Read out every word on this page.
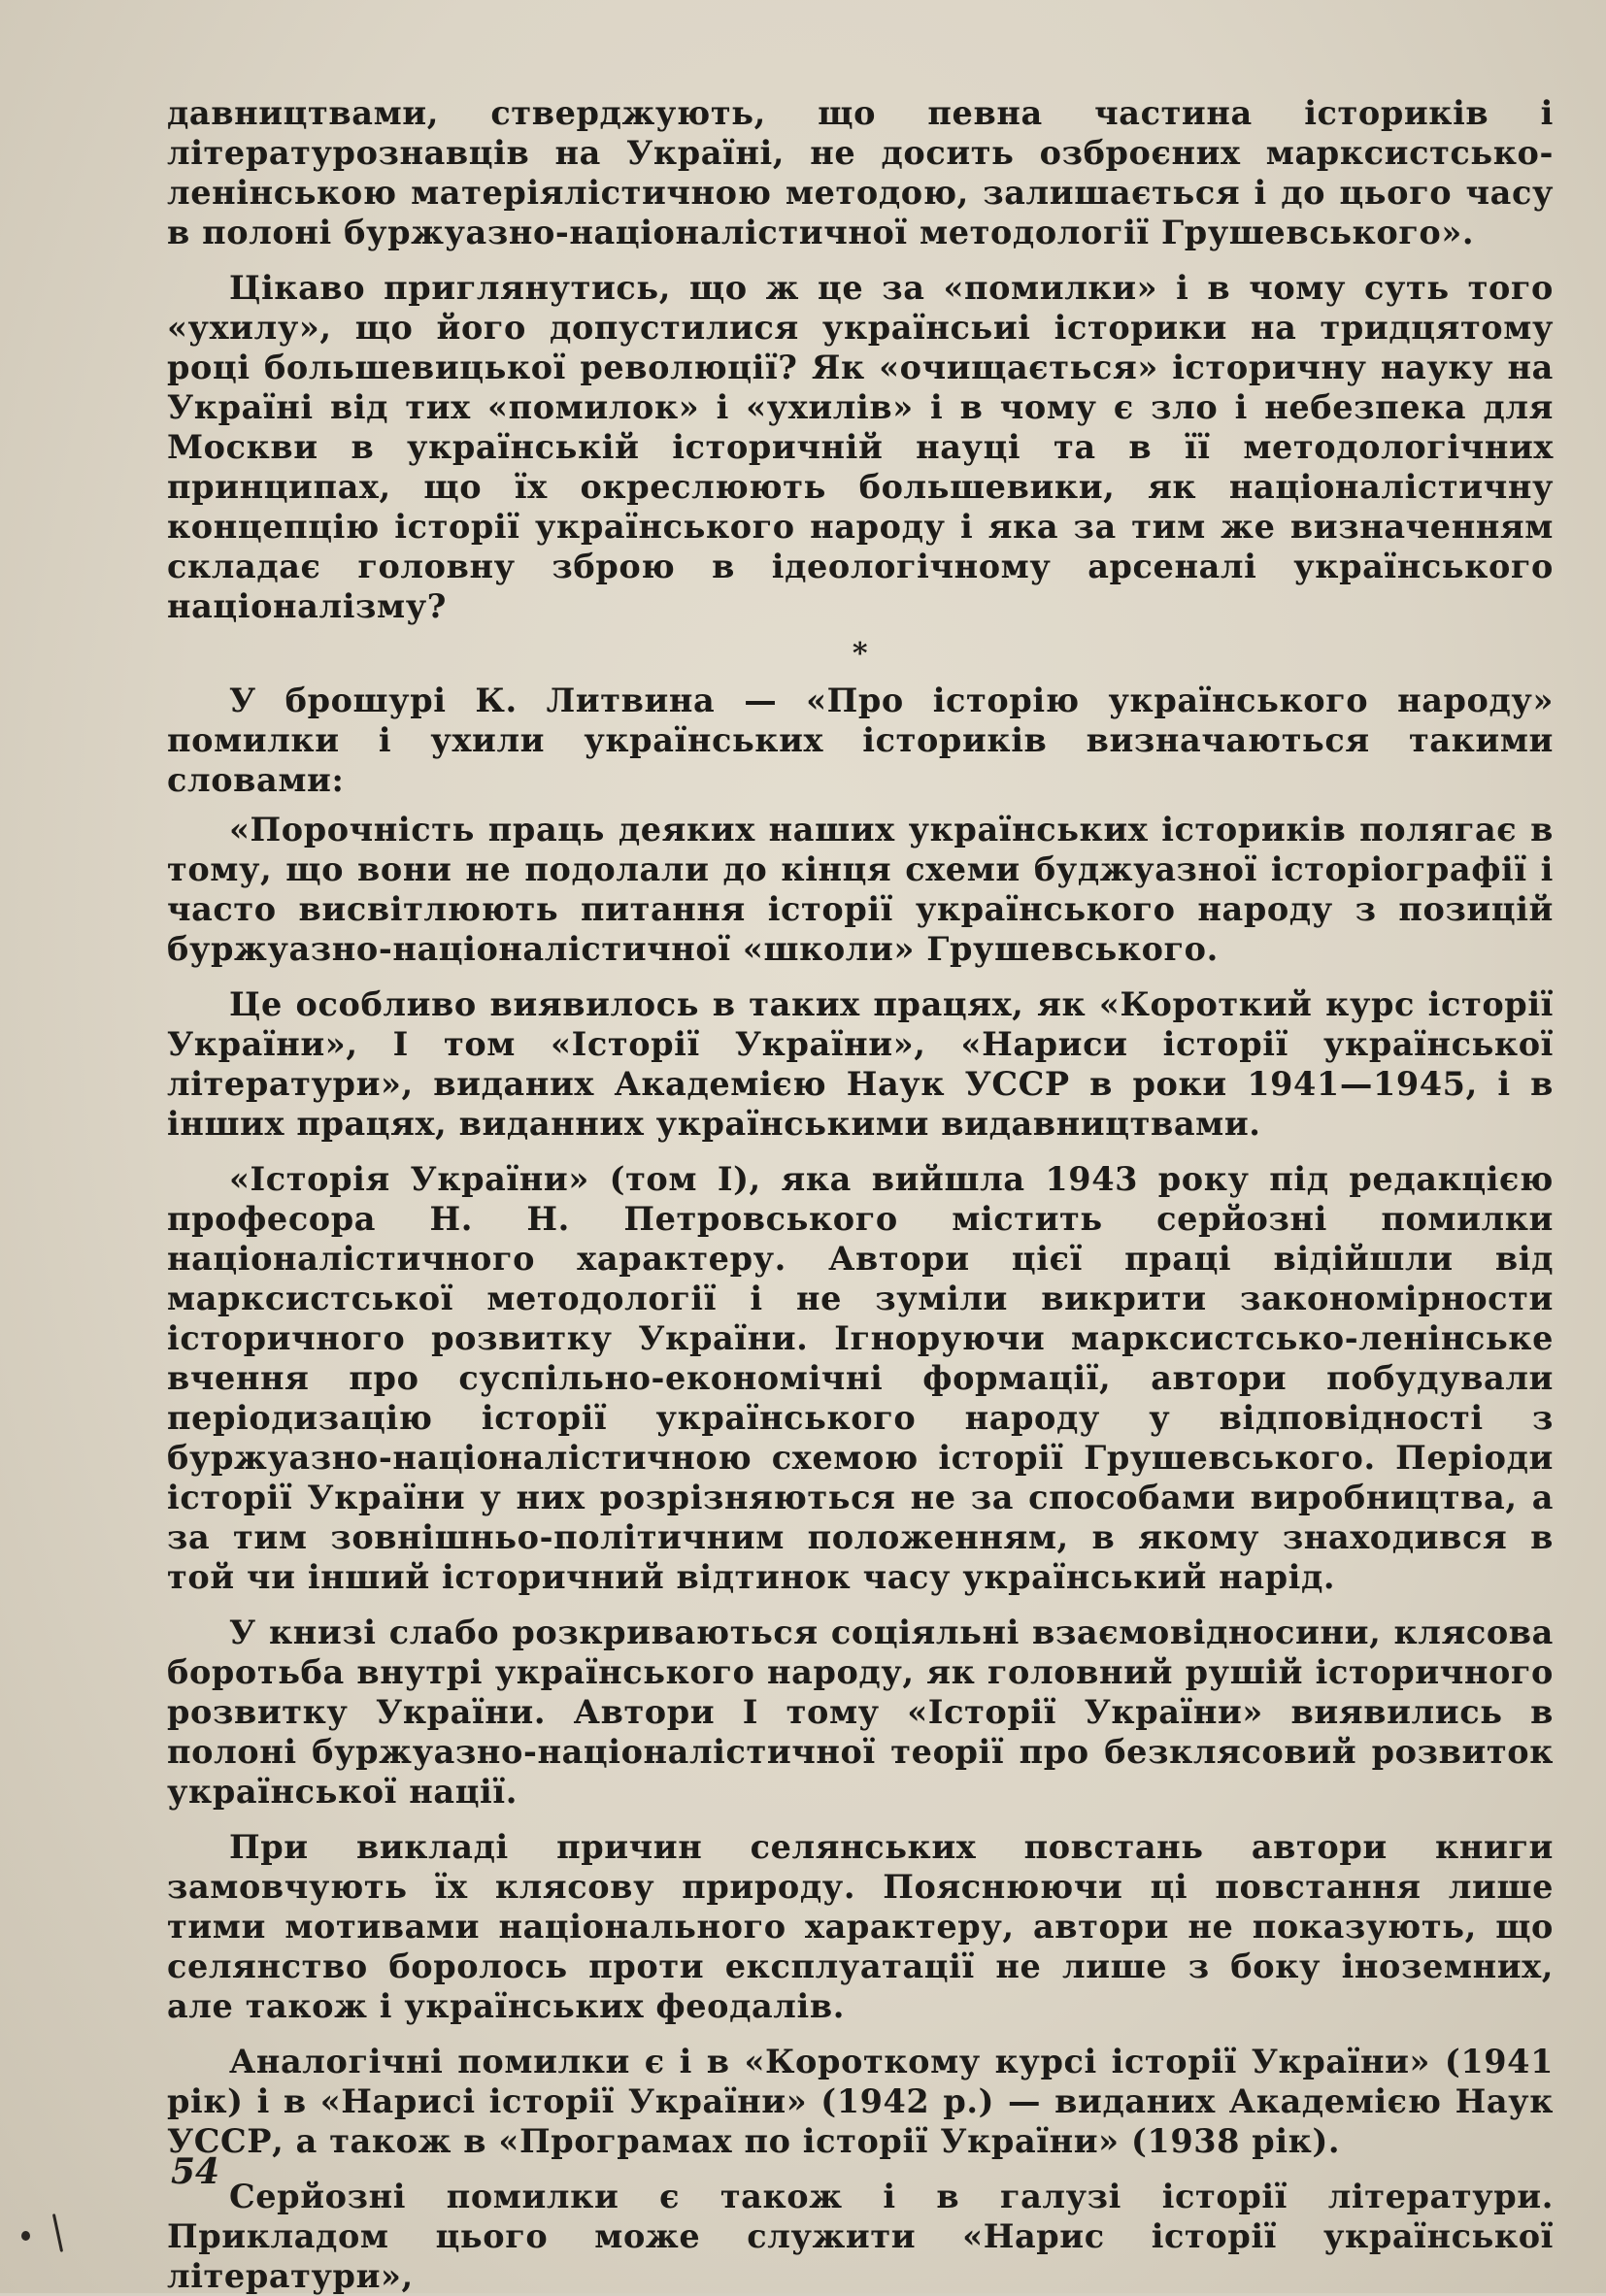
давництвами, стверджують, що певна частина істориків і літературознавців на Україні, не досить озброєних марксистсько-ленінською матеріялістичною методою, залишається і до цього часу в полоні буржуазно-націоналістичної методології Грушевського».

Цікаво приглянутись, що ж це за «помилки» і в чому суть того «ухилу», що його допустилися українсьиі історики на тридцятому році большевицької революції? Як «очищається» історичну науку на Україні від тих «помилок» і «ухилів» і в чому є зло і небезпека для Москви в українській історичній науці та в її методологічних принципах, що їх окреслюють большевики, як націоналістичну концепцію історії українського народу і яка за тим же визначенням складає головну зброю в ідеологічному арсеналі українського націоналізму?

*

У брошурі К. Литвина — «Про історію українського народу» помилки і ухили українських істориків визначаються такими словами:

«Порочність праць деяких наших українських істориків полягає в тому, що вони не подолали до кінця схеми буджуазної історіографії і часто висвітлюють питання історії українського народу з позицій буржуазно-націоналістичної «школи» Грушевського.

Це особливо виявилось в таких працях, як «Короткий курс історії України», І том «Історії України», «Нариси історії української літератури», виданих Академією Наук УССР в роки 1941—1945, і в інших працях, виданних українськими видавництвами.

«Історія України» (том І), яка вийшла 1943 року під редакцією професора Н. Н. Петровського містить серйозні помилки націоналістичного характеру. Автори цієї праці відійшли від марксистської методології і не зуміли викрити закономірности історичного розвитку України. Ігноруючи марксистсько-ленінське вчення про суспільно-економічні формації, автори побудували періодизацію історії українського народу у відповідності з буржуазно-націоналістичною схемою історії Грушевського. Періоди історії України у них розрізняються не за способами виробництва, а за тим зовнішньо-політичним положенням, в якому знаходився в той чи інший історичний відтинок часу український нарід.

У книзі слабо розкриваються соціяльні взаємовідносини, клясова боротьба внутрі українського народу, як головний рушій історичного розвитку України. Автори І тому «Історії України» виявились в полоні буржуазно-націоналістичної теорії про безклясовий розвиток української нації.

При викладі причин селянських повстань автори книги замовчують їх клясову природу. Пояснюючи ці повстання лише тими мотивами національного характеру, автори не показують, що селянство боролось проти експлуатації не лише з боку іноземних, але також і українських феодалів.

Аналогічні помилки є і в «Короткому курсі історії України» (1941 рік) і в «Нарисі історії України» (1942 р.) — виданих Академією Наук УССР, а також в «Програмах по історії України» (1938 рік).

Серйозні помилки є також і в галузі історії літератури. Прикладом цього може служити «Нарис історії української літератури»,

54
